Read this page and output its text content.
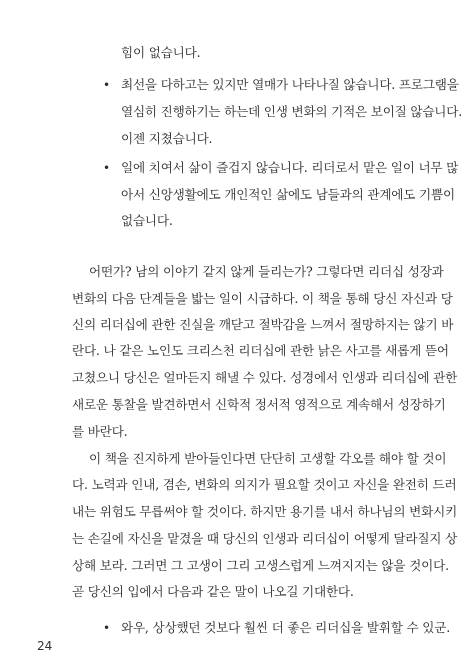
힘이 없습니다.
• 최선을 다하고는 있지만 열매가 나타나질 않습니다. 프로그램을
열심히 진행하기는 하는데 인생 변화의 기적은 보이질 않습니다.
이젠 지쳤습니다.
• 일에 치여서 삶이 즐겁지 않습니다. 리더로서 맡은 일이 너무 많
아서 신앙생활에도 개인적인 삶에도 남들과의 관계에도 기쁨이
없습니다.
어떤가? 남의 이야기 같지 않게 들리는가? 그렇다면 리더십 성장과
변화의 다음 단계들을 밟는 일이 시급하다. 이 책을 통해 당신 자신과 당
신의 리더십에 관한 진실을 깨닫고 절박감을 느껴서 절망하지는 않기 바
란다. 나 같은 노인도 크리스천 리더십에 관한 낡은 사고를 새롭게 뜯어
고쳤으니 당신은 얼마든지 해낼 수 있다. 성경에서 인생과 리더십에 관한
새로운 통찰을 발견하면서 신학적 정서적 영적으로 계속해서 성장하기
를 바란다.
이 책을 진지하게 받아들인다면 단단히 고생할 각오를 해야 할 것이
다. 노력과 인내, 겸손, 변화의 의지가 필요할 것이고 자신을 완전히 드러
내는 위험도 무릅써야 할 것이다. 하지만 용기를 내서 하나님의 변화시키
는 손길에 자신을 맡겼을 때 당신의 인생과 리더십이 어떻게 달라질지 상
상해 보라. 그러면 그 고생이 그리 고생스럽게 느껴지지는 않을 것이다.
곧 당신의 입에서 다음과 같은 말이 나오길 기대한다.
• 와우, 상상했던 것보다 훨씬 더 좋은 리더십을 발휘할 수 있군.
24
